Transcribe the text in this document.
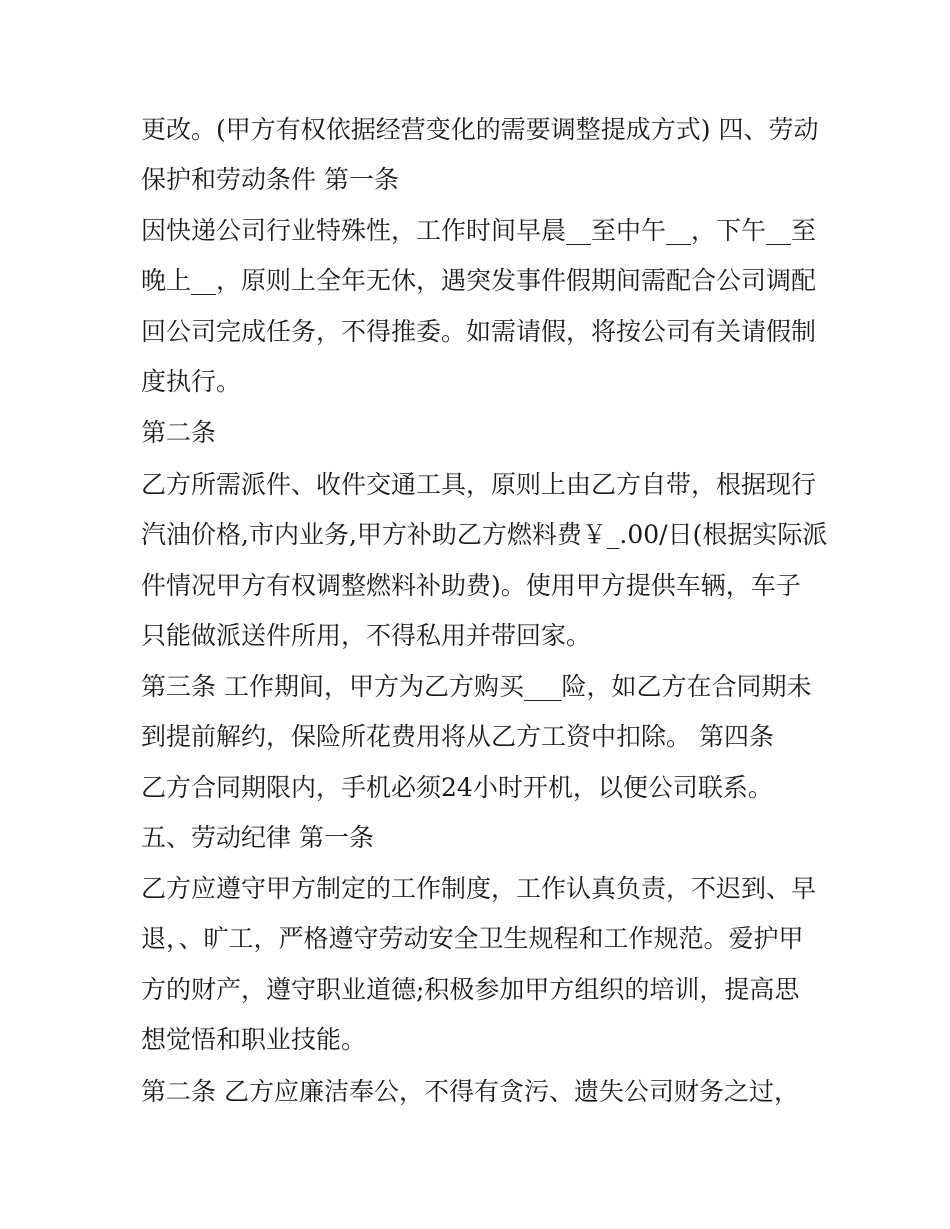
更改。(甲方有权依据经营变化的需要调整提成方式) 四、劳动
保护和劳动条件 第一条
因快递公司行业特殊性，工作时间早晨__至中午__，下午__至
晚上__，原则上全年无休，遇突发事件假期间需配合公司调配
回公司完成任务，不得推委。如需请假，将按公司有关请假制
度执行。
第二条
乙方所需派件、收件交通工具，原则上由乙方自带，根据现行
汽油价格,市内业务,甲方补助乙方燃料费￥_.00/日(根据实际派
件情况甲方有权调整燃料补助费)。使用甲方提供车辆，车子
只能做派送件所用，不得私用并带回家。
第三条 工作期间，甲方为乙方购买___险，如乙方在合同期未
到提前解约，保险所花费用将从乙方工资中扣除。 第四条
乙方合同期限内，手机必须24小时开机，以便公司联系。
五、劳动纪律 第一条
乙方应遵守甲方制定的工作制度，工作认真负责，不迟到、早
退，、旷工，严格遵守劳动安全卫生规程和工作规范。爱护甲
方的财产，遵守职业道德;积极参加甲方组织的培训，提高思
想觉悟和职业技能。
第二条 乙方应廉洁奉公，不得有贪污、遗失公司财务之过，
